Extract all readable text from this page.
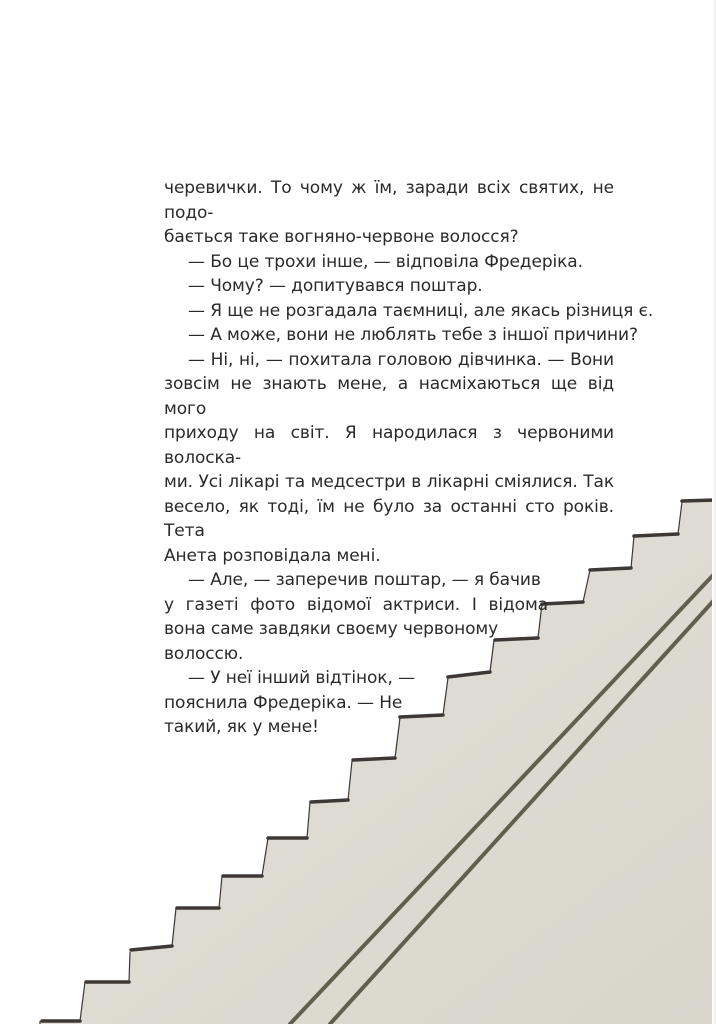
черевички. То чому ж їм, заради всіх святих, не подо-
бається таке вогняно-червоне волосся?
— Бо це трохи інше, — відповіла Фредеріка.
— Чому? — допитувався поштар.
— Я ще не розгадала таємниці, але якась різниця є.
— А може, вони не люблять тебе з іншої причини?
— Ні, ні, — похитала головою дівчинка. — Вони
зовсім не знають мене, а насміхаються ще від мого
приходу на світ. Я народилася з червоними волоска-
ми. Усі лікарі та медсестри в лікарні сміялися. Так
весело, як тоді, їм не було за останні сто років. Тета
Анета розповідала мені.
— Але, — заперечив поштар, — я бачив
у газеті фото відомої актриси. І відома
вона саме завдяки своєму червоному
волоссю.
— У неї інший відтінок, —
пояснила Фредеріка. — Не
такий, як у мене!
